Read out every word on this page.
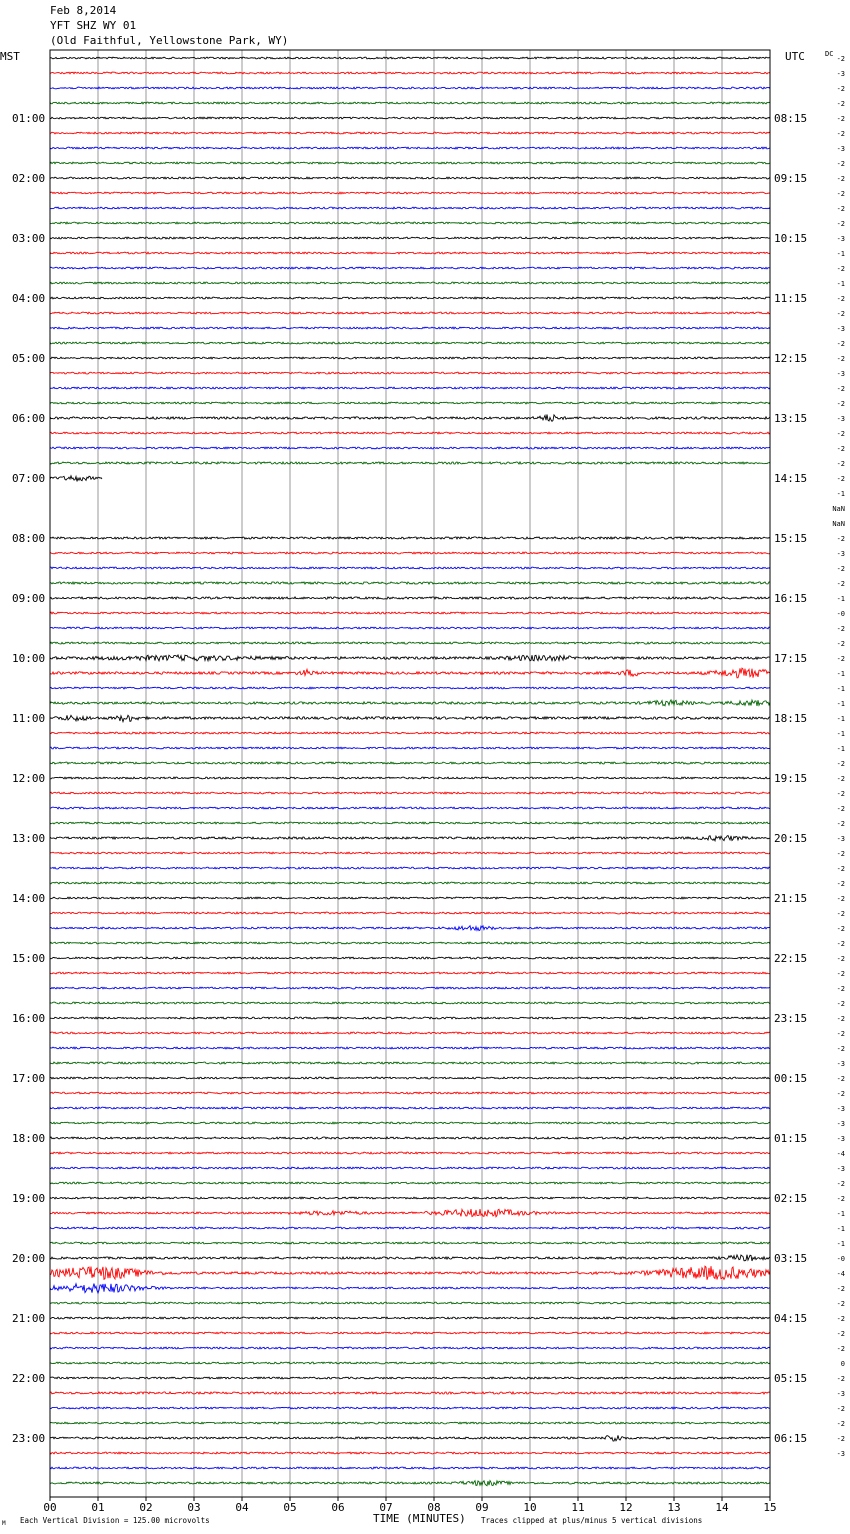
Feb 8,2014
YFT SHZ WY 01
(Old Faithful, Yellowstone Park, WY)
01:00	08:15
02:00	09:15
03:00	10:15
04:00	11:15
05:00	12:15
06:00	13:15
07:00	14:15
08:00	15:15
09:00	16:15
10:00	17:15
11:00	18:15
12:00	19:15
13:00	20:15
14:00	21:15
15:00	22:15
16:00	23:15
17:00	00:15
18:00	01:15
19:00	02:15
20:00	03:15
21:00	04:15
22:00	05:15
23:00	06:15
-2
-3
-2
-2
-2
-2
-3
-2
-2
-2
-2
-2
-3
-1
-2
-1
-2
-2
-3
-2
-2
-3
-2
-2
-3
-2
-2
-2
-2
-1
NaN
NaN
-2
-3
-2
-2
-1
-0
-2
-2
-2
-1
-1
-1
-1
-1
-1
-2
-2
-2
-2
-2
-3
-2
-2
-2
-2
-2
-2
-2
-2
-2
-2
-2
-2
-2
-2
-3
-2
-2
-3
-3
-3
-4
-3
-2
-2
-1
-1
-1
-0
-4
-2
-2
-2
-2
-2
0
-2
-3
-2
-2
-2
-3
00	01	02	03	04	05	06	07	08	09	10	11	12	13	14	15
MST	UTC	DC
TIME (MINUTES)
Each Vertical Division = 125.00 microvolts	Traces clipped at plus/minus 5 vertical divisions
M
